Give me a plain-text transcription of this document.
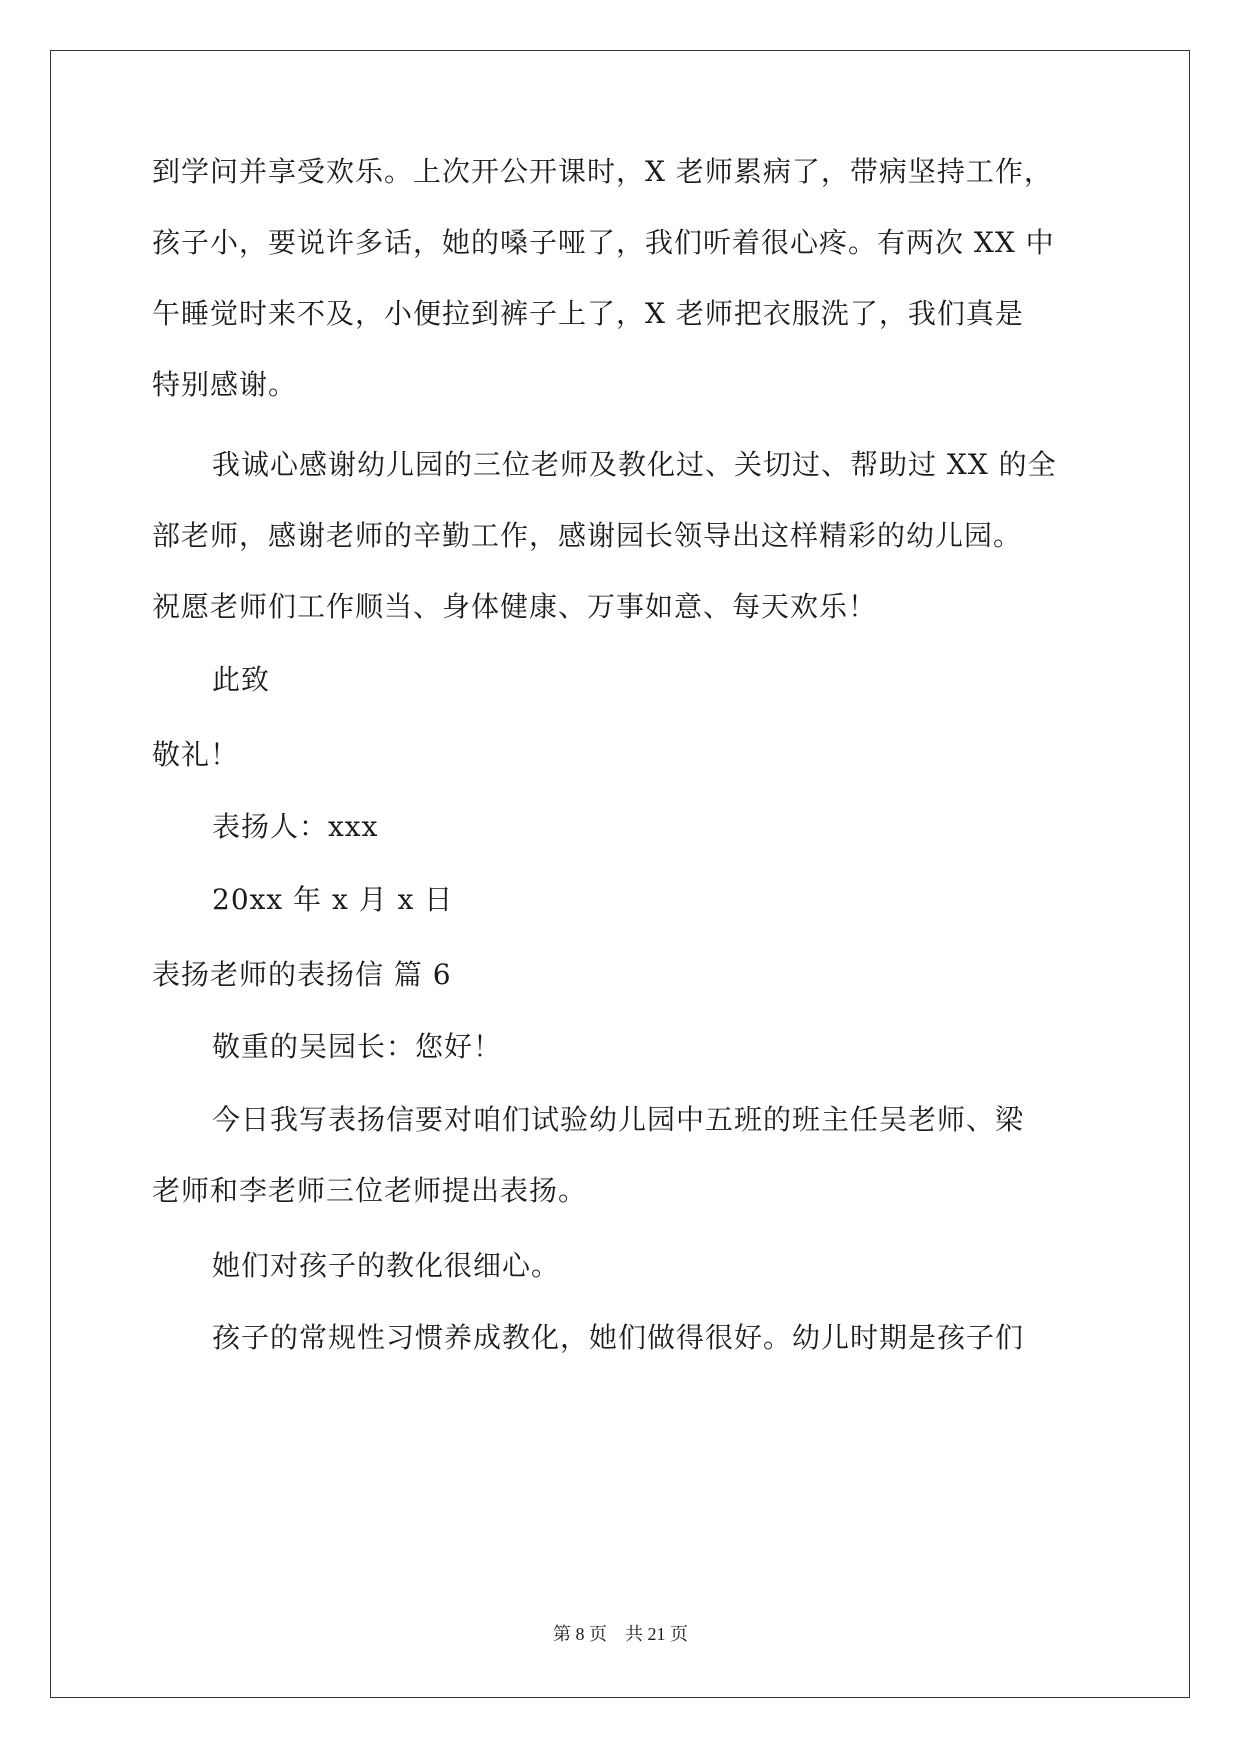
到学问并享受欢乐。上次开公开课时，X 老师累病了，带病坚持工作，
孩子小，要说许多话，她的嗓子哑了，我们听着很心疼。有两次 XX 中
午睡觉时来不及，小便拉到裤子上了，X 老师把衣服洗了，我们真是
特别感谢。
我诚心感谢幼儿园的三位老师及教化过、关切过、帮助过 XX 的全
部老师，感谢老师的辛勤工作，感谢园长领导出这样精彩的幼儿园。
祝愿老师们工作顺当、身体健康、万事如意、每天欢乐！
此致
敬礼！
表扬人：xxx
20xx 年 x 月 x 日
表扬老师的表扬信 篇 6
敬重的吴园长：您好！
今日我写表扬信要对咱们试验幼儿园中五班的班主任吴老师、梁
老师和李老师三位老师提出表扬。
她们对孩子的教化很细心。
孩子的常规性习惯养成教化，她们做得很好。幼儿时期是孩子们
第 8 页    共 21 页
